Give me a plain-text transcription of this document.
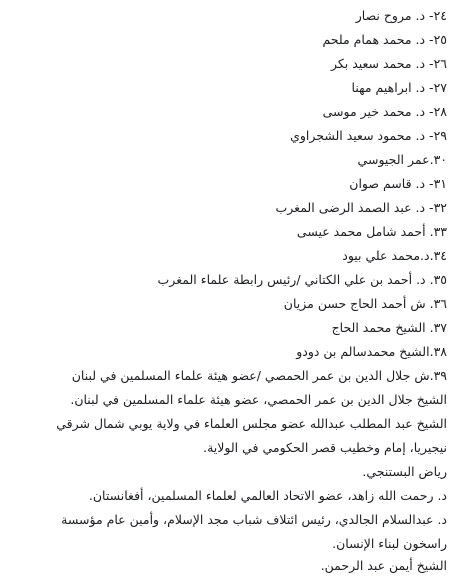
٢٤- د. مروح نصار
٢٥- د. محمد همام ملحم
٢٦- د. محمد سعيد بكر
٢٧- د. ابراهيم مهنا
٢٨- د. محمد خير موسى
٢٩- د. محمود سعيد الشجراوي
٣٠.عمر الجيوسي
٣١- د. قاسم صوان
٣٢- د. عبد الصمد الرضى المغرب
٣٣. أحمد شامل محمد عيسى
٣٤.د.محمد علي بيود
٣٥. د. أحمد بن علي الكتاني /رئيس رابطة علماء المغرب
٣٦. ش أحمد الحاج حسن مزيان
٣٧. الشيخ محمد الحاج
٣٨.الشيخ محمدسالم بن دودو
٣٩.ش جلال الدين بن عمر الحمصي /عضو هيئة علماء المسلمين في لبنان
الشيخ جلال الدين بن عمر الحمصي، عضو هيئة علماء المسلمين في لبنان.
الشيخ عبد المطلب عبدالله عضو مجلس العلماء في ولاية يوبي شمال شرقي
نيجيريا، إمام وخطيب قصر الحكومي في الولاية.
رياض البستنجي.
د. رحمت الله زاهد، عضو الاتحاد العالمي لعلماء المسلمين، أفغانستان.
د. عبدالسلام الجالدي، رئيس ائتلاف شباب مجد الإسلام، وأمين عام مؤسسة
راسخون لبناء الإنسان.
الشيخ أيمن عبد الرحمن.
